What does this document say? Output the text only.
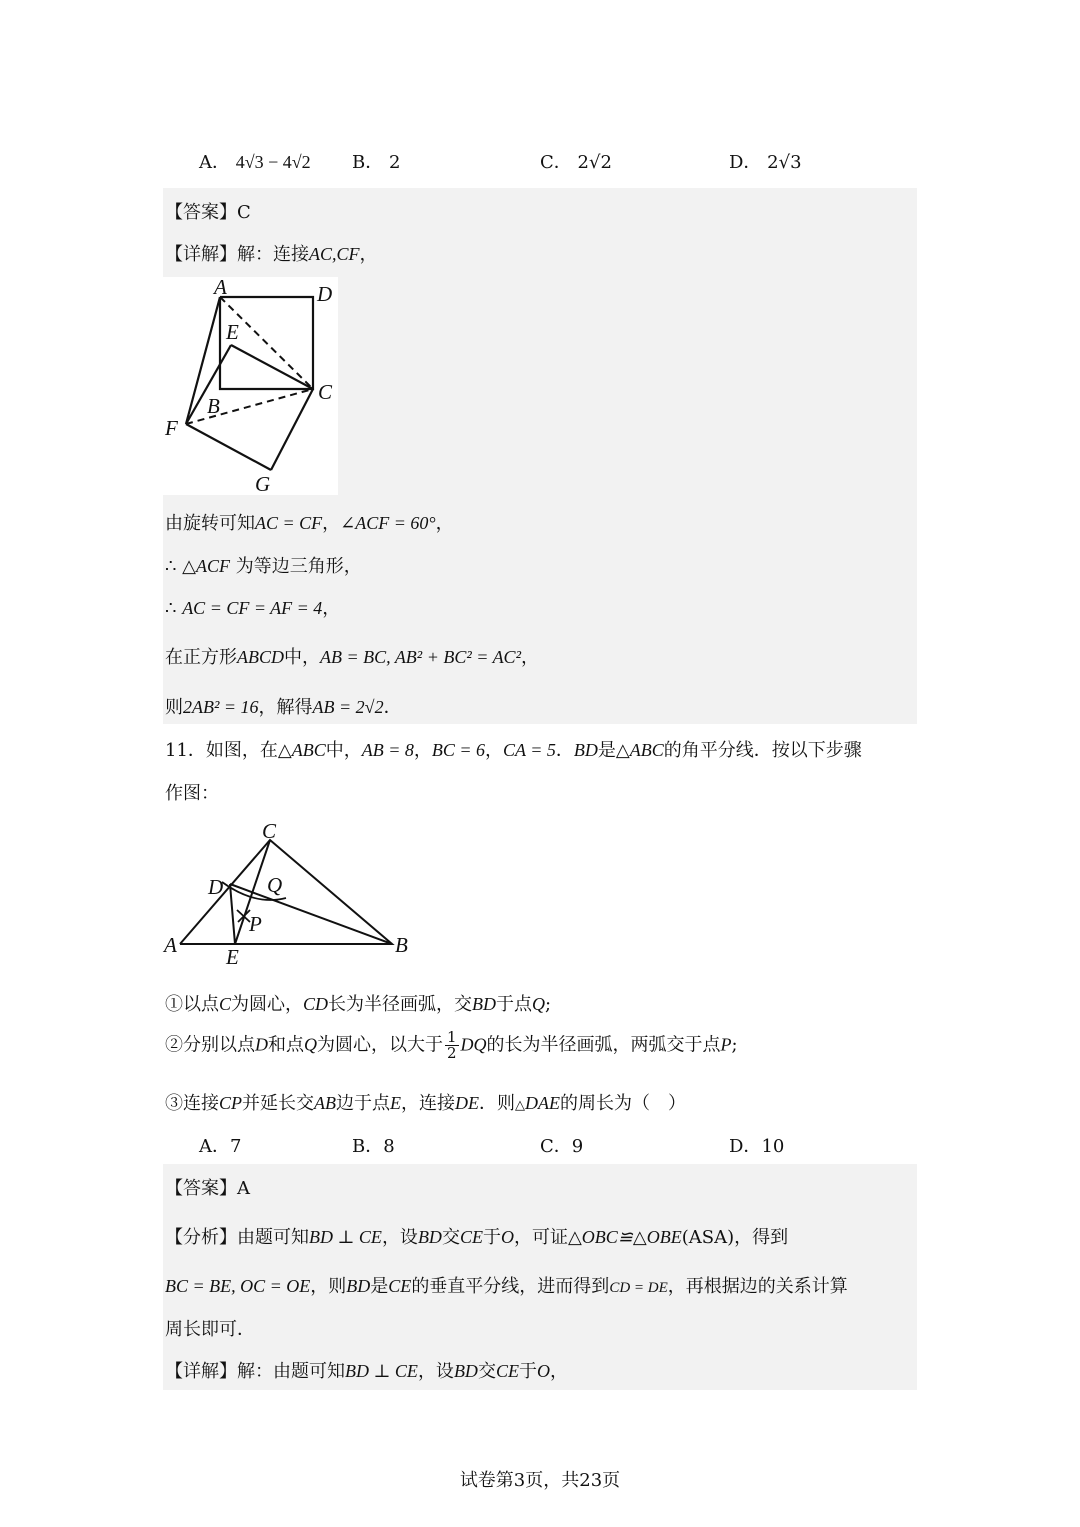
A． 4√3 − 4√2 B． 2	C． 2√2	D． 2√3
【答案】C
【详解】解：连接AC,CF，
A	D
E
C
B
F
G
由旋转可知AC = CF，∠ACF = 60°，
∴ △ACF 为等边三角形，
∴ AC = CF = AF = 4，
在正方形ABCD中，AB = BC, AB² + BC² = AC²，
则2AB² = 16，解得AB = 2√2．
11．如图，在△ABC中，AB = 8，BC = 6，CA = 5．BD是△ABC的角平分线．按以下步骤
作图：
C
D Q
P
A E	B
①以点C为圆心，CD长为半径画弧，交BD于点Q;
②分别以点D和点Q为圆心，以大于 $\frac{1}{2}$ DQ的长为半径画弧，两弧交于点P;
③连接CP并延长交AB边于点E，连接DE．则△DAE的周长为（　）
A．7	B．8	C．9	D．10
【答案】A
【分析】由题可知BD ⊥ CE，设BD交CE于O，可证△OBC≌△OBE(ASA)，得到
BC = BE, OC = OE，则BD是CE的垂直平分线，进而得到CD = DE，再根据边的关系计算
周长即可．
【详解】解：由题可知BD ⊥ CE，设BD交CE于O，
试卷第3页，共23页
